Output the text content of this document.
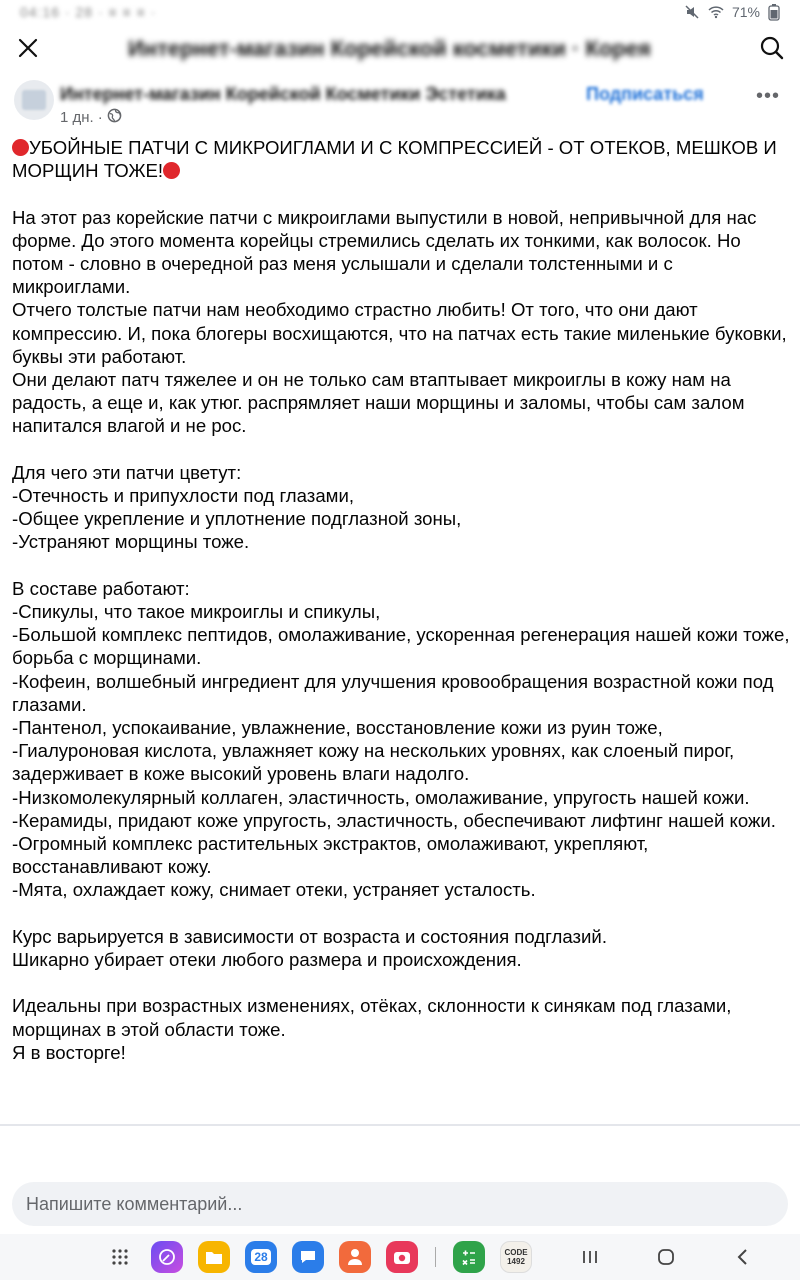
04:16 · 28 · ≡ ≡ ≡ ·	71%
Интернет-магазин Корейской косметики · Корея
Интернет-магазин Корейской Косметики Эстетика	Подписаться	•••
1 дн. ·

УБОЙНЫЕ ПАТЧИ С МИКРОИГЛАМИ И С КОМПРЕССИЕЙ - ОТ ОТЕКОВ, МЕШКОВ И МОРЩИН ТОЖЕ!

На этот раз корейские патчи с микроиглами выпустили в новой, непривычной для нас форме. До этого момента корейцы стремились сделать их тонкими, как волосок. Но потом - словно в очередной раз меня услышали и сделали толстенными и с микроиглами.

Отчего толстые патчи нам необходимо страстно любить! От того, что они дают компрессию. И, пока блогеры восхищаются, что на патчах есть такие миленькие буковки, буквы эти работают.

Они делают патч тяжелее и он не только сам втаптывает микроиглы в кожу нам на радость, а еще и, как утюг. распрямляет наши морщины и заломы, чтобы сам залом напитался влагой и не рос.

Для чего эти патчи цветут:

-Отечность и припухлости под глазами,

-Общее укрепление и уплотнение подглазной зоны,

-Устраняют морщины тоже.

В составе работают:

-Спикулы, что такое микроиглы и спикулы,

-Большой комплекс пептидов, омолаживание, ускоренная регенерация нашей кожи тоже, борьба с морщинами.

-Кофеин, волшебный ингредиент для улучшения кровообращения возрастной кожи под глазами.

-Пантенол, успокаивание, увлажнение, восстановление кожи из руин тоже,

-Гиалуроновая кислота, увлажняет кожу на нескольких уровнях, как слоеный пирог, задерживает в коже высокий уровень влаги надолго.

-Низкомолекулярный коллаген, эластичность, омолаживание, упругость нашей кожи.

-Керамиды, придают коже упругость, эластичность, обеспечивают лифтинг нашей кожи.

-Огромный комплекс растительных экстрактов, омолаживают, укрепляют, восстанавливают кожу.

-Мята, охлаждает кожу, снимает отеки, устраняет усталость.

Курс варьируется в зависимости от возраста и состояния подглазий.

Шикарно убирает отеки любого размера и происхождения.

Идеальны при возрастных изменениях, отёках, склонности к синякам под глазами, морщинах в этой области тоже.

Я в восторге!

Напишите комментарий...
28	CODE 1492
